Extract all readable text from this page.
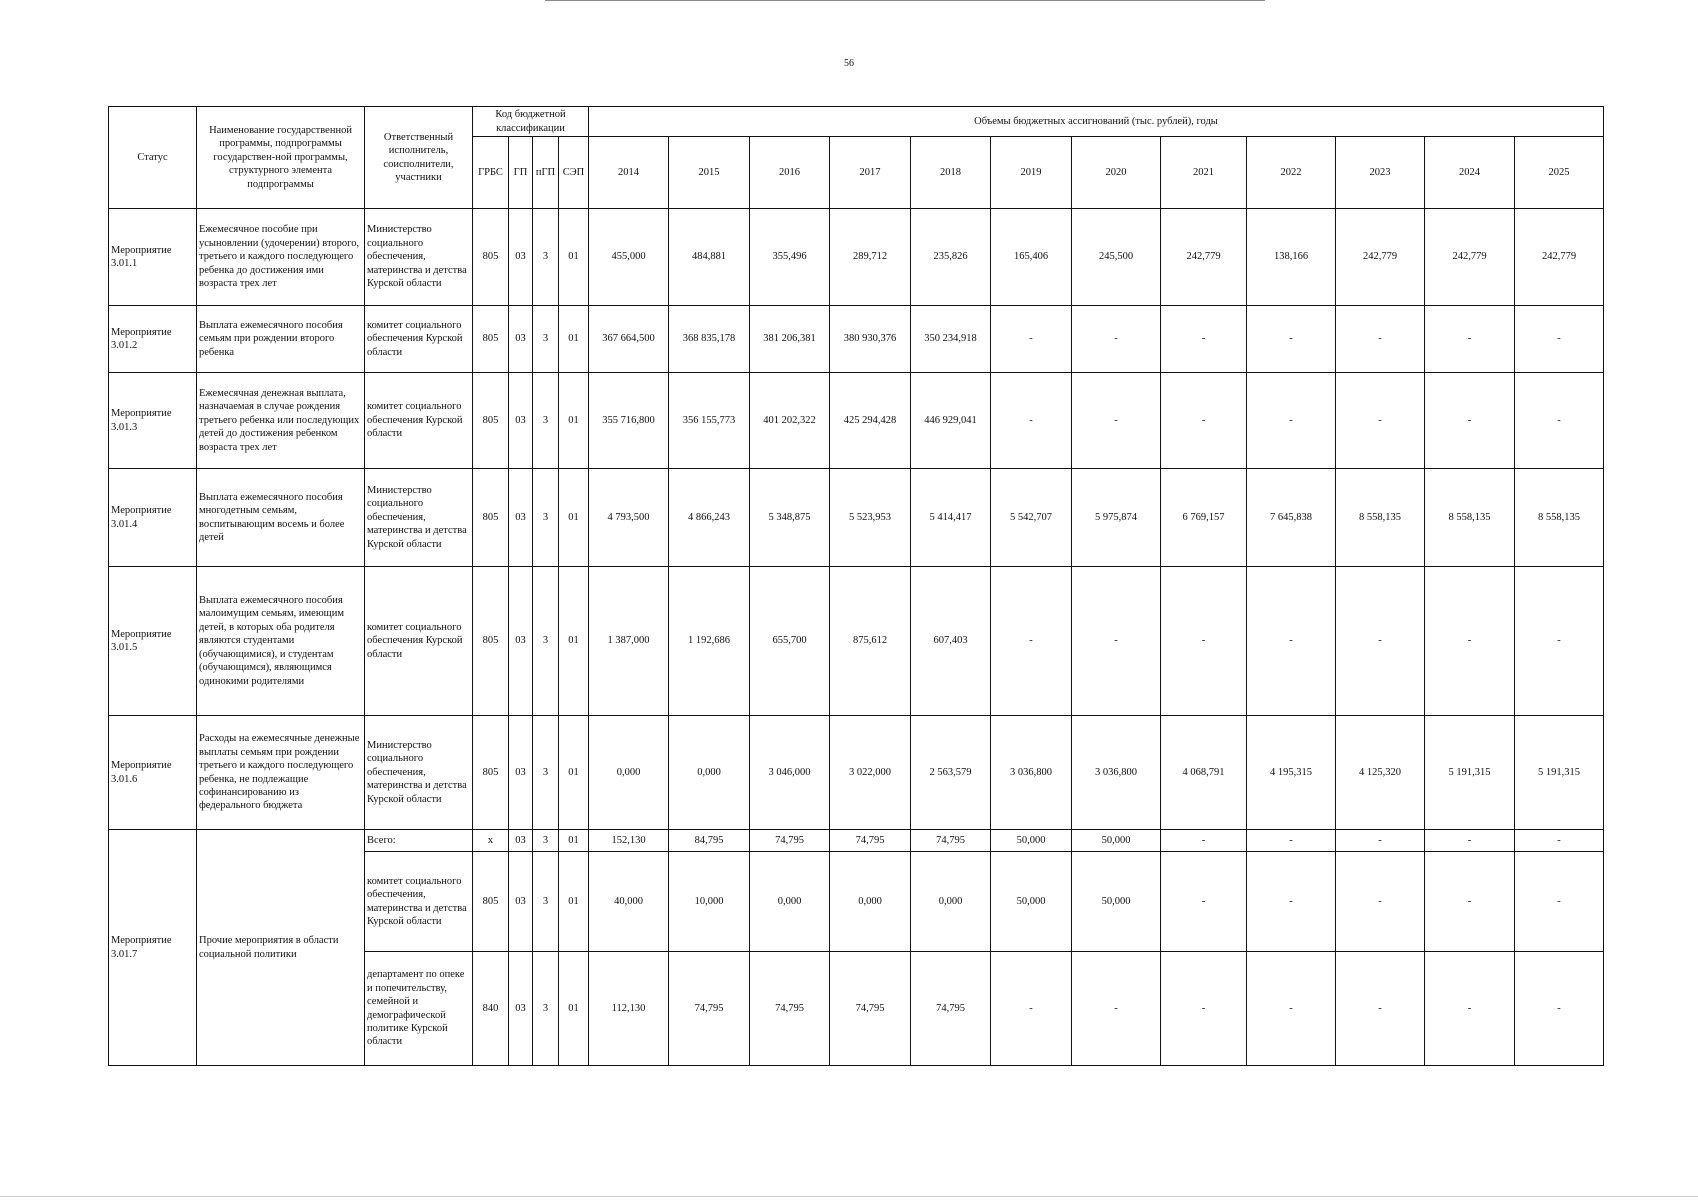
56
Статус	Наименование государственной программы, подпрограммы государствен-ной программы, структурного элемента подпрограммы	Ответственный исполнитель, соисполнители, участники	Код бюджетной классификации				Объемы бюджетных ассигнований (тыс. рублей), годы											
			ГРБС	ГП	пГП	СЭП	2014	2015	2016	2017	2018	2019	2020	2021	2022	2023	2024	2025
Мероприятие 3.01.1	Ежемесячное пособие при усыновлении (удочерении) второго, третьего и каждого последующего ребенка до достижения ими возраста трех лет	Министерство социального обеспечения, материнства и детства Курской области	805	03	3	01	455,000	484,881	355,496	289,712	235,826	165,406	245,500	242,779	138,166	242,779	242,779	242,779
Мероприятие 3.01.2	Выплата ежемесячного пособия семьям при рождении второго ребенка	комитет социального обеспечения Курской области	805	03	3	01	367 664,500	368 835,178	381 206,381	380 930,376	350 234,918	-	-	-	-	-	-	-
Мероприятие 3.01.3	Ежемесячная денежная выплата, назначаемая в случае рождения третьего ребенка или последующих детей до достижения ребенком возраста трех лет	комитет социального обеспечения Курской области	805	03	3	01	355 716,800	356 155,773	401 202,322	425 294,428	446 929,041	-	-	-	-	-	-	-
Мероприятие 3.01.4	Выплата ежемесячного пособия многодетным семьям, воспитывающим восемь и более детей	Министерство социального обеспечения, материнства и детства Курской области	805	03	3	01	4 793,500	4 866,243	5 348,875	5 523,953	5 414,417	5 542,707	5 975,874	6 769,157	7 645,838	8 558,135	8 558,135	8 558,135
Мероприятие 3.01.5	Выплата ежемесячного пособия малоимущим семьям, имеющим детей, в которых оба родителя являются студентами (обучающимися), и студентам (обучающимся), являющимся одинокими родителями	комитет социального обеспечения Курской области	805	03	3	01	1 387,000	1 192,686	655,700	875,612	607,403	-	-	-	-	-	-	-
Мероприятие 3.01.6	Расходы на ежемесячные денежные выплаты семьям при рождении третьего и каждого последующего ребенка, не подлежащие софинансированию из федерального бюджета	Министерство социального обеспечения, материнства и детства Курской области	805	03	3	01	0,000	0,000	3 046,000	3 022,000	2 563,579	3 036,800	3 036,800	4 068,791	4 195,315	4 125,320	5 191,315	5 191,315
Мероприятие 3.01.7	Прочие мероприятия в области социальной политики	Всего:	х	03	3	01	152,130	84,795	74,795	74,795	74,795	50,000	50,000	-	-	-	-	-
		комитет социального обеспечения, материнства и детства Курской области	805	03	3	01	40,000	10,000	0,000	0,000	0,000	50,000	50,000	-	-	-	-	-
		департамент по опеке и попечительству, семейной и демографической политике Курской области	840	03	3	01	112,130	74,795	74,795	74,795	74,795	-	-	-	-	-	-	-
